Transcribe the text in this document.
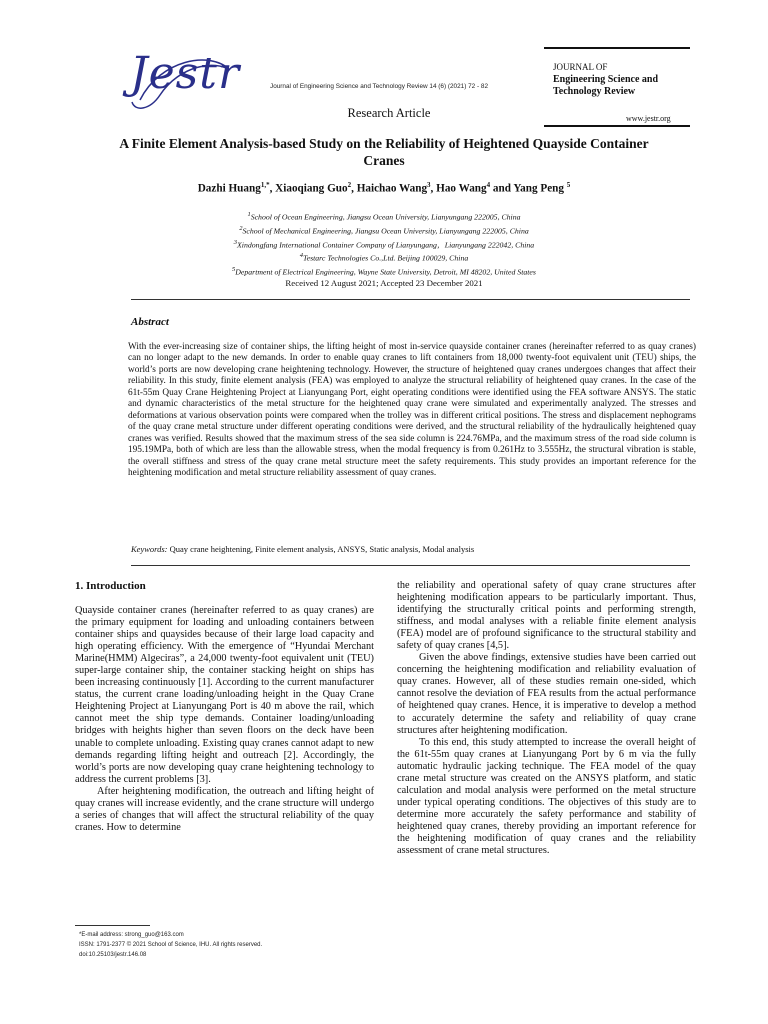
Jestr	Journal of Engineering Science and Technology Review 14 (6) (2021) 72 - 82
JOURNAL OF
Engineering Science and Technology Review
www.jestr.org
Research Article
A Finite Element Analysis-based Study on the Reliability of Heightened Quayside Container Cranes
Dazhi Huang$^{1,*}$, Xiaoqiang Guo$^2$, Haichao Wang$^3$, Hao Wang$^4$ and Yang Peng $^5$
$^1$School of Ocean Engineering, Jiangsu Ocean University, Lianyungang 222005, China
$^2$School of Mechanical Engineering, Jiangsu Ocean University, Lianyungang 222005, China
$^3$Xindongfang International Container Company of Lianyungang，Lianyungang 222042, China
$^4$Testarc Technologies Co.,Ltd. Beijing 100029, China
$^5$Department of Electrical Engineering, Wayne State University, Detroit, MI 48202, United States
Received 12 August 2021; Accepted 23 December 2021
Abstract
With the ever-increasing size of container ships, the lifting height of most in-service quayside container cranes (hereinafter referred to as quay cranes) can no longer adapt to the new demands. In order to enable quay cranes to lift containers from 18,000 twenty-foot equivalent unit (TEU) ships, the world’s ports are now developing crane heightening technology. However, the structure of heightened quay cranes undergoes changes that affect their reliability. In this study, finite element analysis (FEA) was employed to analyze the structural reliability of heightened quay cranes. In the case of the 61t-55m Quay Crane Heightening Project at Lianyungang Port, eight operating conditions were identified using the FEA software ANSYS. The static and dynamic characteristics of the metal structure for the heightened quay crane were simulated and experimentally analyzed. The stresses and deformations at various observation points were compared when the trolley was in different critical positions. The stress and displacement nephograms of the quay crane metal structure under different operating conditions were derived, and the structural reliability of the hydraulically heightened quay cranes was verified. Results showed that the maximum stress of the sea side column is 224.76MPa, and the maximum stress of the road side column is 195.19MPa, both of which are less than the allowable stress, when the modal frequency is from 0.261Hz to 3.555Hz, the structural vibration is stable, the overall stiffness and stress of the quay crane metal structure meet the safety requirements. This study provides an important reference for the heightening modification and metal structure reliability assessment of quay cranes.
Keywords: Quay crane heightening, Finite element analysis, ANSYS, Static analysis, Modal analysis
1. Introduction

Quayside container cranes (hereinafter referred to as quay cranes) are the primary equipment for loading and unloading containers between container ships and quaysides because of their large load capacity and high operating efficiency. With the emergence of “Hyundai Merchant Marine(HMM) Algeciras”, a 24,000 twenty-foot equivalent unit (TEU) super-large container ship, the container stacking height on ships has been increasing continuously [1]. According to the current manufacturer status, the current crane loading/unloading height in the Quay Crane Heightening Project at Lianyungang Port is 40 m above the rail, which cannot meet the ship type demands. Container loading/unloading bridges with heights higher than seven floors on the deck have been unable to complete unloading. Existing quay cranes cannot adapt to new demands regarding lifting height and outreach [2]. Accordingly, the world’s ports are now developing quay crane heightening technology to address the current problems [3].

After heightening modification, the outreach and lifting height of quay cranes will increase evidently, and the crane structure will undergo a series of changes that will affect the structural reliability of the quay cranes. How to determine

the reliability and operational safety of quay crane structures after heightening modification appears to be particularly important. Thus, identifying the structurally critical points and performing strength, stiffness, and modal analyses with a reliable finite element analysis (FEA) model are of profound significance to the structural stability and safety of quay cranes [4,5].

Given the above findings, extensive studies have been carried out concerning the heightening modification and reliability evaluation of quay cranes. However, all of these studies remain one-sided, which cannot resolve the deviation of FEA results from the actual performance of heightened quay cranes. Hence, it is imperative to develop a method to accurately determine the safety and reliability of quay crane structures after heightening modification.

To this end, this study attempted to increase the overall height of the 61t-55m quay cranes at Lianyungang Port by 6 m via the fully automatic hydraulic jacking technique. The FEA model of the quay crane metal structure was created on the ANSYS platform, and static calculation and modal analysis were performed on the metal structure under typical operating conditions. The objectives of this study are to determine more accurately the safety performance and stability of heightened quay cranes, thereby providing an important reference for the heightening modification of quay cranes and the reliability assessment of crane metal structures.

*E-mail address: strong_guo@163.com
ISSN: 1791-2377 © 2021 School of Science, IHU. All rights reserved.
doi:10.25103/jestr.146.08
